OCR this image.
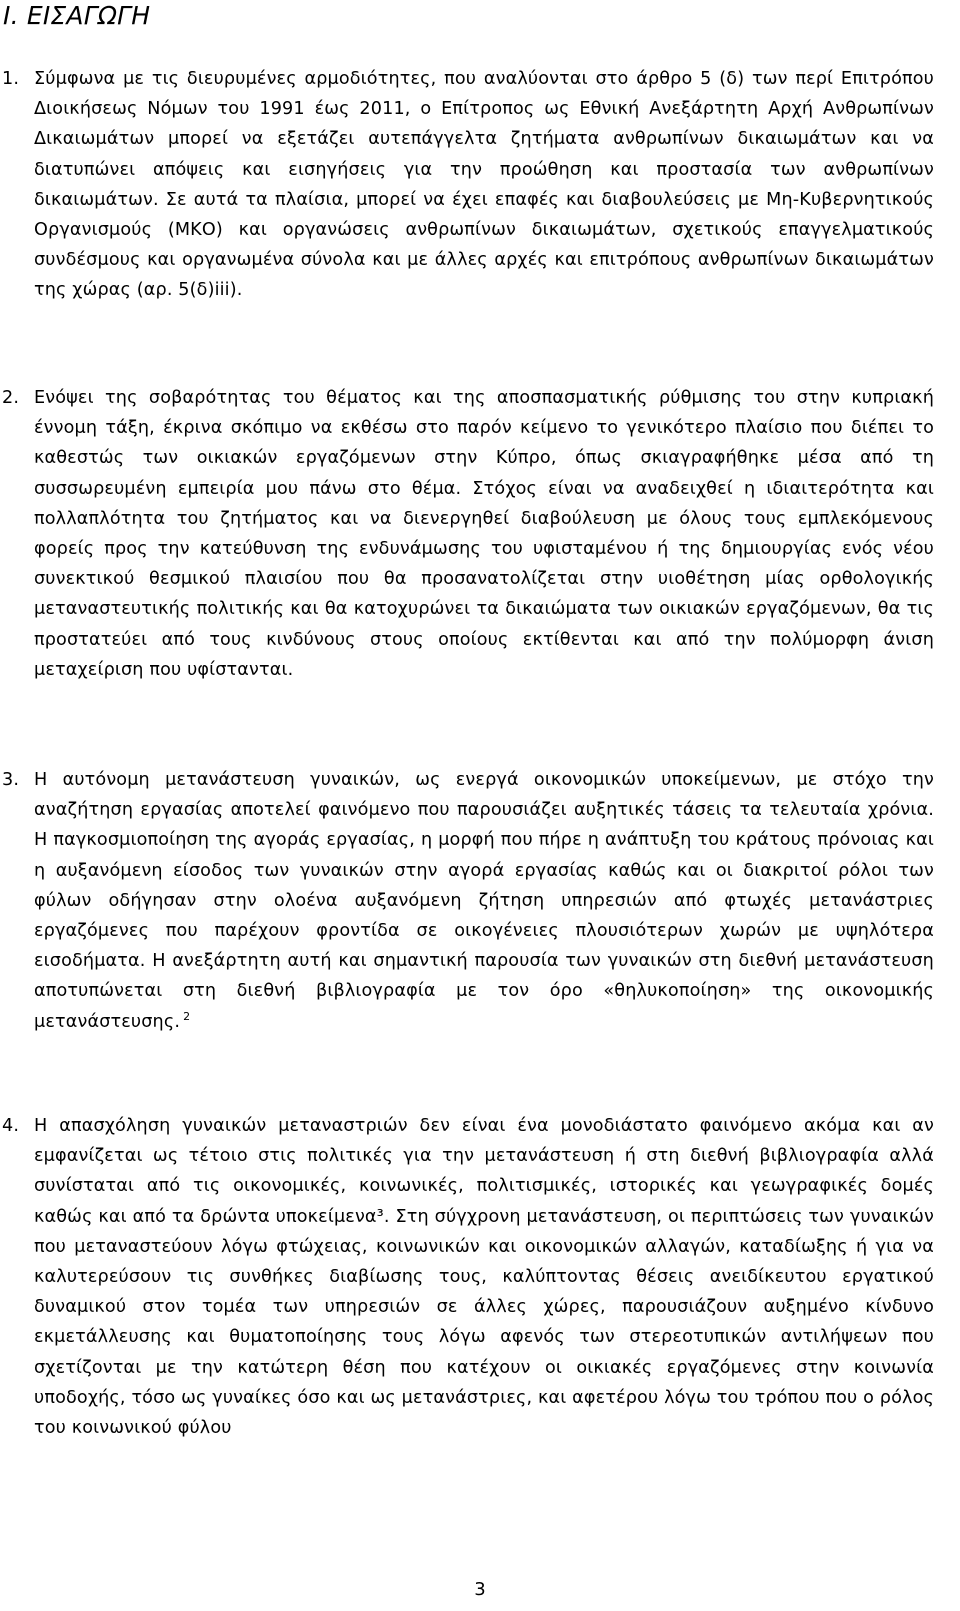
Ι. ΕΙΣΑΓΩΓΗ
1. Σύμφωνα με τις διευρυμένες αρμοδιότητες, που αναλύονται στο άρθρο 5 (δ) των περί Επιτρόπου Διοικήσεως Νόμων του 1991 έως 2011, ο Επίτροπος ως Εθνική Ανεξάρτητη Αρχή Ανθρωπίνων Δικαιωμάτων μπορεί να εξετάζει αυτεπάγγελτα ζητήματα ανθρωπίνων δικαιωμάτων και να διατυπώνει απόψεις και εισηγήσεις για την προώθηση και προστασία των ανθρωπίνων δικαιωμάτων. Σε αυτά τα πλαίσια, μπορεί να έχει επαφές και διαβουλεύσεις με Μη-Κυβερνητικούς Οργανισμούς (ΜΚΟ) και οργανώσεις ανθρωπίνων δικαιωμάτων, σχετικούς επαγγελματικούς συνδέσμους και οργανωμένα σύνολα και με άλλες αρχές και επιτρόπους ανθρωπίνων δικαιωμάτων της χώρας (αρ. 5(δ)iii).
2. Ενόψει της σοβαρότητας του θέματος και της αποσπασματικής ρύθμισης του στην κυπριακή έννομη τάξη, έκρινα σκόπιμο να εκθέσω στο παρόν κείμενο το γενικότερο πλαίσιο που διέπει το καθεστώς των οικιακών εργαζόμενων στην Κύπρο, όπως σκιαγραφήθηκε μέσα από τη συσσωρευμένη εμπειρία μου πάνω στο θέμα. Στόχος είναι να αναδειχθεί η ιδιαιτερότητα και πολλαπλότητα του ζητήματος και να διενεργηθεί διαβούλευση με όλους τους εμπλεκόμενους φορείς προς την κατεύθυνση της ενδυνάμωσης του υφισταμένου ή της δημιουργίας ενός νέου συνεκτικού θεσμικού πλαισίου που θα προσανατολίζεται στην υιοθέτηση μίας ορθολογικής μεταναστευτικής πολιτικής και θα κατοχυρώνει τα δικαιώματα των οικιακών εργαζόμενων, θα τις προστατεύει από τους κινδύνους στους οποίους εκτίθενται και από την πολύμορφη άνιση μεταχείριση που υφίστανται.
3. Η αυτόνομη μετανάστευση γυναικών, ως ενεργά οικονομικών υποκείμενων, με στόχο την αναζήτηση εργασίας αποτελεί φαινόμενο που παρουσιάζει αυξητικές τάσεις τα τελευταία χρόνια. Η παγκοσμιοποίηση της αγοράς εργασίας, η μορφή που πήρε η ανάπτυξη του κράτους πρόνοιας και η αυξανόμενη είσοδος των γυναικών στην αγορά εργασίας καθώς και οι διακριτοί ρόλοι των φύλων οδήγησαν στην ολοένα αυξανόμενη ζήτηση υπηρεσιών από φτωχές μετανάστριες εργαζόμενες που παρέχουν φροντίδα σε οικογένειες πλουσιότερων χωρών με υψηλότερα εισοδήματα. Η ανεξάρτητη αυτή και σημαντική παρουσία των γυναικών στη διεθνή μετανάστευση αποτυπώνεται στη διεθνή βιβλιογραφία με τον όρο «θηλυκοποίηση» της οικονομικής μετανάστευσης. $^2$
4. Η απασχόληση γυναικών μεταναστριών δεν είναι ένα μονοδιάστατο φαινόμενο ακόμα και αν εμφανίζεται ως τέτοιο στις πολιτικές για την μετανάστευση ή στη διεθνή βιβλιογραφία αλλά συνίσταται από τις οικονομικές, κοινωνικές, πολιτισμικές, ιστορικές και γεωγραφικές δομές καθώς και από τα δρώντα υποκείμενα³. Στη σύγχρονη μετανάστευση, οι περιπτώσεις των γυναικών που μεταναστεύουν λόγω φτώχειας, κοινωνικών και οικονομικών αλλαγών, καταδίωξης ή για να καλυτερεύσουν τις συνθήκες διαβίωσης τους, καλύπτοντας θέσεις ανειδίκευτου εργατικού δυναμικού στον τομέα των υπηρεσιών σε άλλες χώρες, παρουσιάζουν αυξημένο κίνδυνο εκμετάλλευσης και θυματοποίησης τους λόγω αφενός των στερεοτυπικών αντιλήψεων που σχετίζονται με την κατώτερη θέση που κατέχουν οι οικιακές εργαζόμενες στην κοινωνία υποδοχής, τόσο ως γυναίκες όσο και ως μετανάστριες, και αφετέρου λόγω του τρόπου που ο ρόλος του κοινωνικού φύλου
3
